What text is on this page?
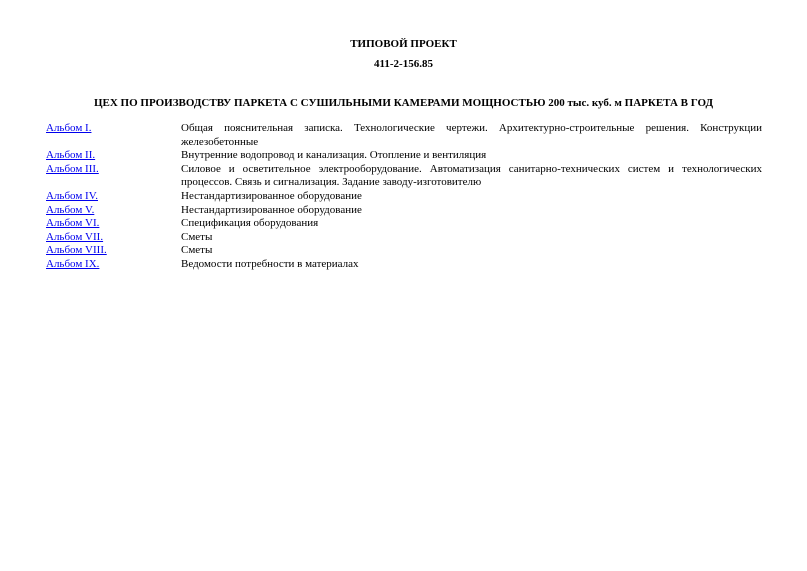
ТИПОВОЙ ПРОЕКТ
411-2-156.85
ЦЕХ ПО ПРОИЗВОДСТВУ ПАРКЕТА С СУШИЛЬНЫМИ КАМЕРАМИ МОЩНОСТЬЮ 200 тыс. куб. м ПАРКЕТА В ГОД
Альбом I.	Общая пояснительная записка. Технологические чертежи. Архитектурно-строительные решения. Конструкции железобетонные
Альбом II.	Внутренние водопровод и канализация. Отопление и вентиляция
Альбом III.	Силовое и осветительное электрооборудование. Автоматизация санитарно-технических систем и технологических процессов. Связь и сигнализация. Задание заводу-изготовителю
Альбом IV.	Нестандартизированное оборудование
Альбом V.	Нестандартизированное оборудование
Альбом VI.	Спецификация оборудования
Альбом VII.	Сметы
Альбом VIII.	Сметы
Альбом IX.	Ведомости потребности в материалах
